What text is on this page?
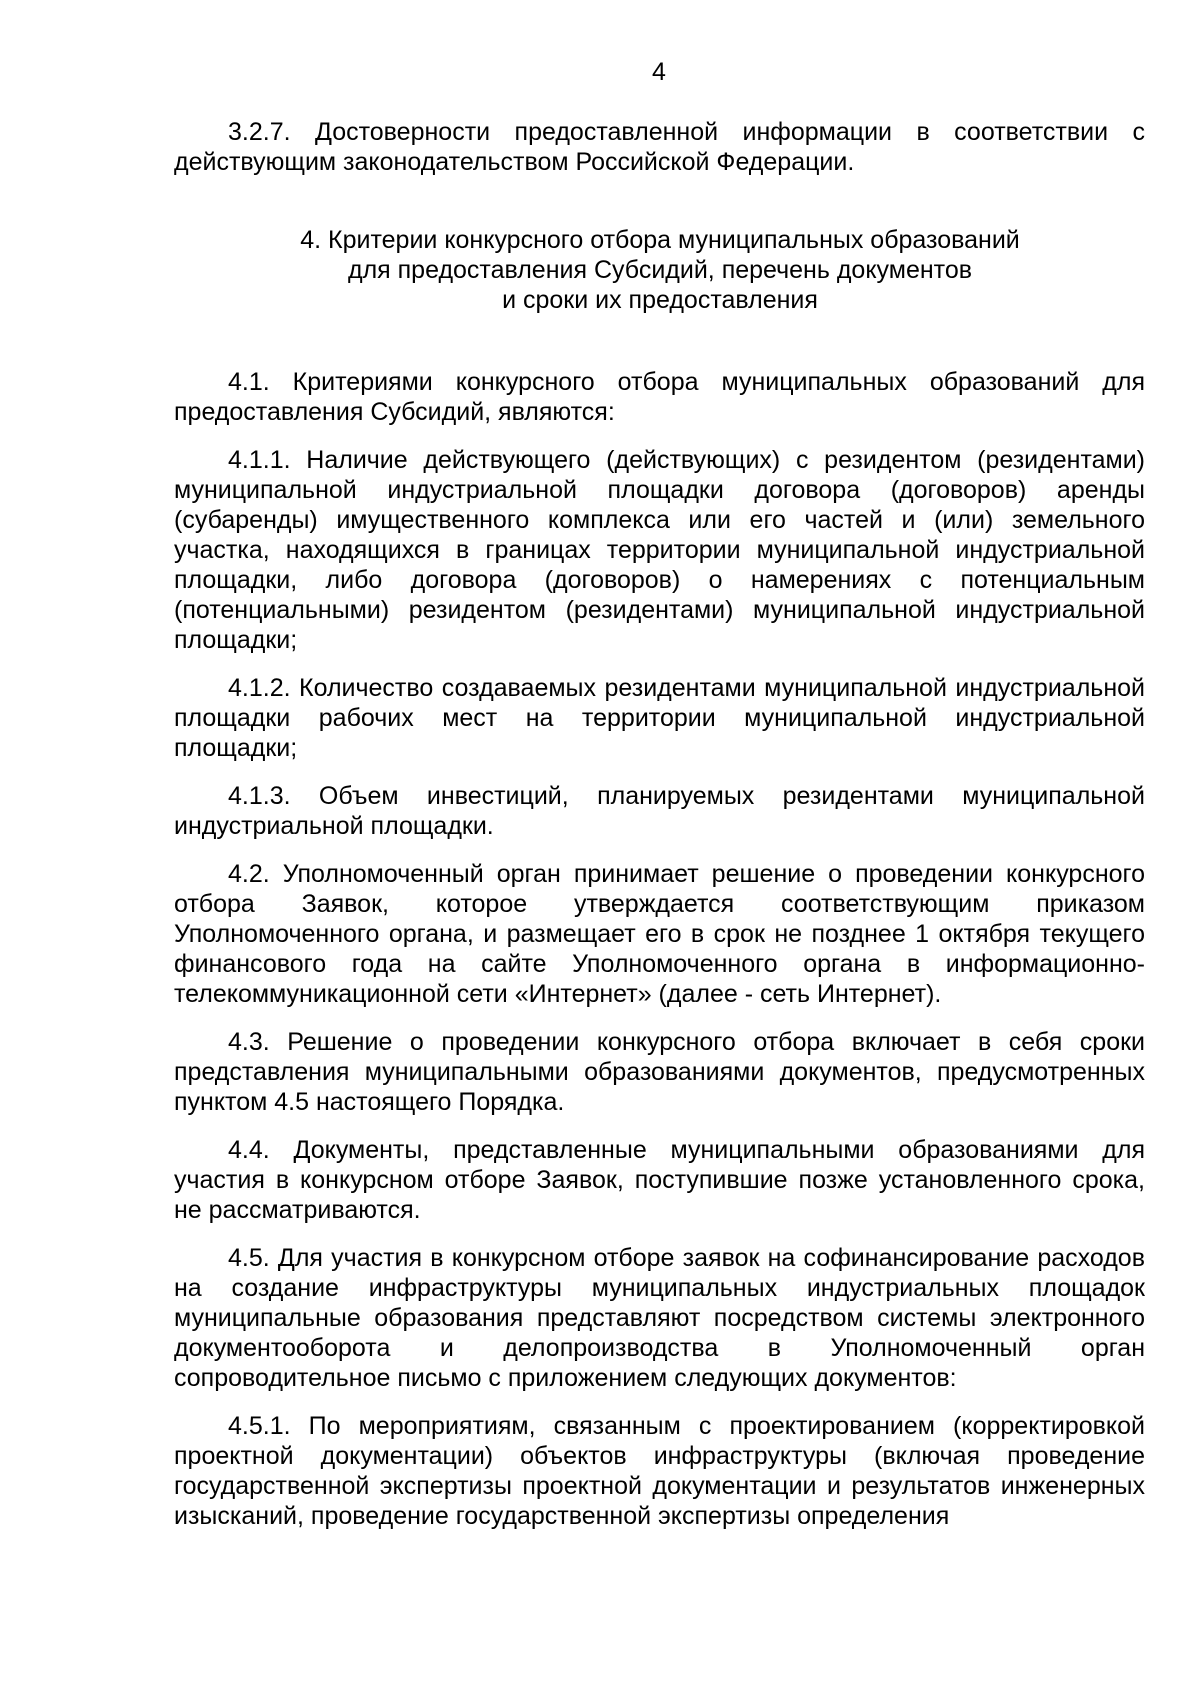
4

3.2.7. Достоверности предоставленной информации в соответствии с действующим законодательством Российской Федерации.

4. Критерии конкурсного отбора муниципальных образований
для предоставления Субсидий, перечень документов
и сроки их предоставления

4.1. Критериями конкурсного отбора муниципальных образований для предоставления Субсидий, являются:

4.1.1. Наличие действующего (действующих) с резидентом (резидентами) муниципальной индустриальной площадки договора (договоров) аренды (субаренды) имущественного комплекса или его частей и (или) земельного участка, находящихся в границах территории муниципальной индустриальной площадки, либо договора (договоров) о намерениях с потенциальным (потенциальными) резидентом (резидентами) муниципальной индустриальной площадки;

4.1.2. Количество создаваемых резидентами муниципальной индустриальной площадки рабочих мест на территории муниципальной индустриальной площадки;

4.1.3. Объем инвестиций, планируемых резидентами муниципальной индустриальной площадки.

4.2. Уполномоченный орган принимает решение о проведении конкурсного отбора Заявок, которое утверждается соответствующим приказом Уполномоченного органа, и размещает его в срок не позднее 1 октября текущего финансового года на сайте Уполномоченного органа в информационно-телекоммуникационной сети «Интернет» (далее - сеть Интернет).

4.3. Решение о проведении конкурсного отбора включает в себя сроки представления муниципальными образованиями документов, предусмотренных пунктом 4.5 настоящего Порядка.

4.4. Документы, представленные муниципальными образованиями для участия в конкурсном отборе Заявок, поступившие позже установленного срока, не рассматриваются.

4.5. Для участия в конкурсном отборе заявок на софинансирование расходов на создание инфраструктуры муниципальных индустриальных площадок муниципальные образования представляют посредством системы электронного документооборота и делопроизводства в Уполномоченный орган сопроводительное письмо с приложением следующих документов:

4.5.1. По мероприятиям, связанным с проектированием (корректировкой проектной документации) объектов инфраструктуры (включая проведение государственной экспертизы проектной документации и результатов инженерных изысканий, проведение государственной экспертизы определения
